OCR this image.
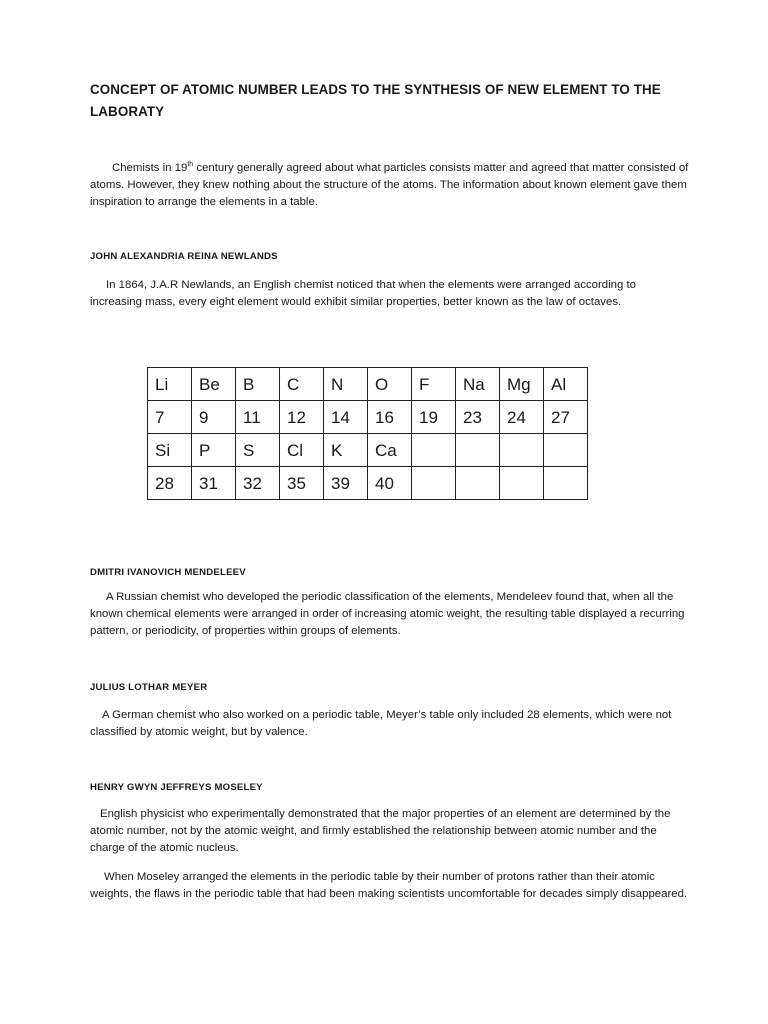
CONCEPT OF ATOMIC NUMBER LEADS TO THE SYNTHESIS OF NEW ELEMENT TO THE LABORATY

Chemists in 19th century generally agreed about what particles consists matter and agreed that matter consisted of atoms. However, they knew nothing about the structure of the atoms. The information about known element gave them inspiration to arrange the elements in a table.

JOHN ALEXANDRIA REINA NEWLANDS

In 1864, J.A.R Newlands, an English chemist noticed that when the elements were arranged according to increasing mass, every eight element would exhibit similar properties, better known as the law of octaves.

Li	Be	B	C	N	O	F	Na	Mg	Al
7	9	11	12	14	16	19	23	24	27
Si	P	S	Cl	K	Ca				
28	31	32	35	39	40				
DMITRI IVANOVICH MENDELEEV

A Russian chemist who developed the periodic classification of the elements, Mendeleev found that, when all the known chemical elements were arranged in order of increasing atomic weight, the resulting table displayed a recurring pattern, or periodicity, of properties within groups of elements.

JULIUS LOTHAR MEYER

A German chemist who also worked on a periodic table, Meyer’s table only included 28 elements, which were not classified by atomic weight, but by valence.

HENRY GWYN JEFFREYS MOSELEY

English physicist who experimentally demonstrated that the major properties of an element are determined by the atomic number, not by the atomic weight, and firmly established the relationship between atomic number and the charge of the atomic nucleus.

When Moseley arranged the elements in the periodic table by their number of protons rather than their atomic weights, the flaws in the periodic table that had been making scientists uncomfortable for decades simply disappeared.
